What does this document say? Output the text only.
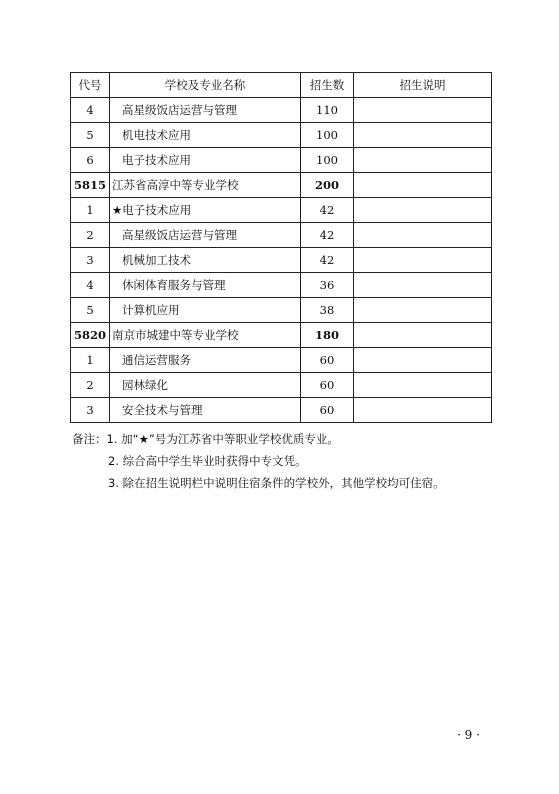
代号	学校及专业名称	招生数	招生说明
4	高星级饭店运营与管理	110	
5	机电技术应用	100	
6	电子技术应用	100	
5815	江苏省高淳中等专业学校	200	
1	★电子技术应用	42	
2	高星级饭店运营与管理	42	
3	机械加工技术	42	
4	休闲体育服务与管理	36	
5	计算机应用	38	
5820	南京市城建中等专业学校	180	
1	通信运营服务	60	
2	园林绿化	60	
3	安全技术与管理	60	
备注：1. 加“★”号为江苏省中等职业学校优质专业。
2. 综合高中学生毕业时获得中专文凭。
3. 除在招生说明栏中说明住宿条件的学校外，其他学校均可住宿。
· 9 ·
